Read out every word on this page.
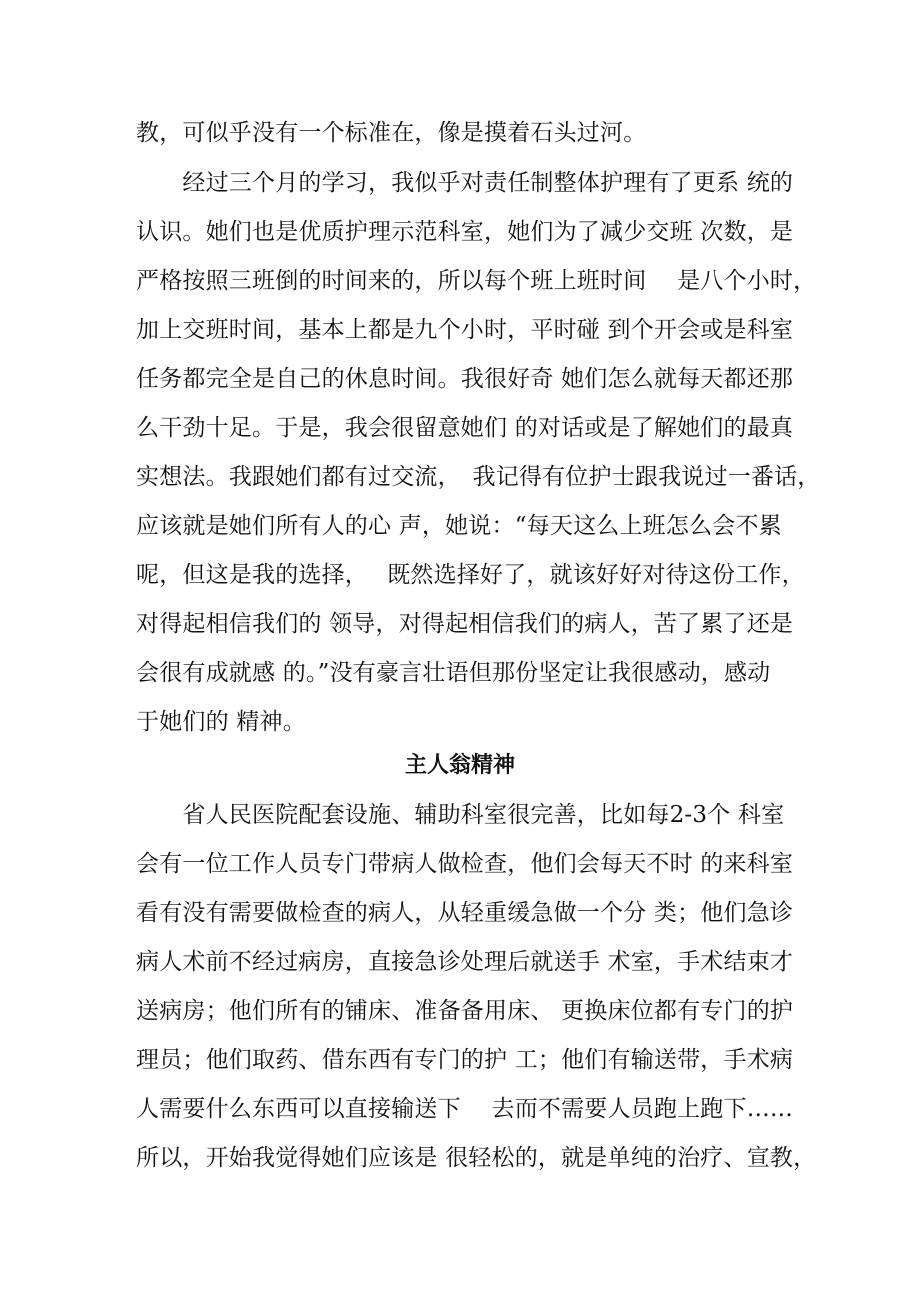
教，可似乎没有一个标准在，像是摸着石头过河。
　　经过三个月的学习，我似乎对责任制整体护理有了更系 统的
认识。她们也是优质护理示范科室，她们为了减少交班 次数，是
严格按照三班倒的时间来的，所以每个班上班时间　 是八个小时，
加上交班时间，基本上都是九个小时，平时碰 到个开会或是科室
任务都完全是自己的休息时间。我很好奇 她们怎么就每天都还那
么干劲十足。于是，我会很留意她们 的对话或是了解她们的最真
实想法。我跟她们都有过交流，　我记得有位护士跟我说过一番话，
应该就是她们所有人的心 声，她说：“每天这么上班怎么会不累
呢，但这是我的选择，　 既然选择好了，就该好好对待这份工作，
对得起相信我们的 领导，对得起相信我们的病人，苦了累了还是
会很有成就感 的。”没有豪言壮语但那份坚定让我很感动，感动
于她们的 精神。
主人翁精神
　　省人民医院配套设施、辅助科室很完善，比如每2-3个 科室
会有一位工作人员专门带病人做检查，他们会每天不时 的来科室
看有没有需要做检查的病人，从轻重缓急做一个分 类；他们急诊
病人术前不经过病房，直接急诊处理后就送手 术室，手术结束才
送病房；他们所有的铺床、准备备用床、 更换床位都有专门的护
理员；他们取药、借东西有专门的护 工；他们有输送带，手术病
人需要什么东西可以直接输送下　 去而不需要人员跑上跑下……
所以，开始我觉得她们应该是 很轻松的，就是单纯的治疗、宣教，
